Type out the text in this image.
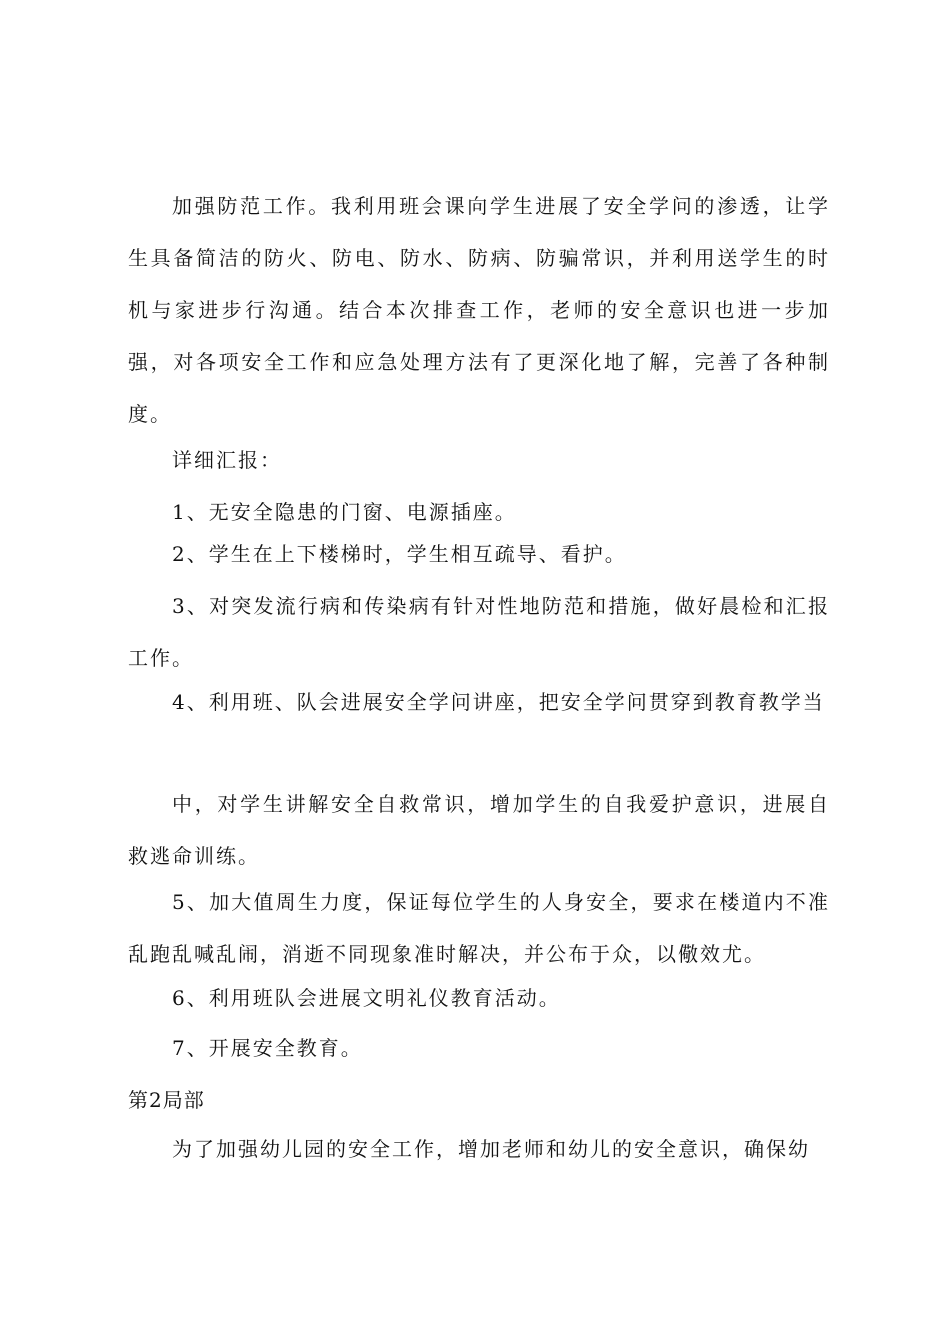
加强防范工作。我利用班会课向学生进展了安全学问的渗透，让学生具备简洁的防火、防电、防水、防病、防骗常识，并利用送学生的时机与家进步行沟通。结合本次排查工作，老师的安全意识也进一步加强，对各项安全工作和应急处理方法有了更深化地了解，完善了各种制度。

详细汇报：

1、无安全隐患的门窗、电源插座。

2、学生在上下楼梯时，学生相互疏导、看护。

3、对突发流行病和传染病有针对性地防范和措施，做好晨检和汇报工作。

4、利用班、队会进展安全学问讲座，把安全学问贯穿到教育教学当

中，对学生讲解安全自救常识，增加学生的自我爱护意识，进展自救逃命训练。

5、加大值周生力度，保证每位学生的人身安全，要求在楼道内不准乱跑乱喊乱闹，消逝不同现象准时解决，并公布于众，以儆效尤。

6、利用班队会进展文明礼仪教育活动。

7、开展安全教育。

第2局部

为了加强幼儿园的安全工作，增加老师和幼儿的安全意识，确保幼
